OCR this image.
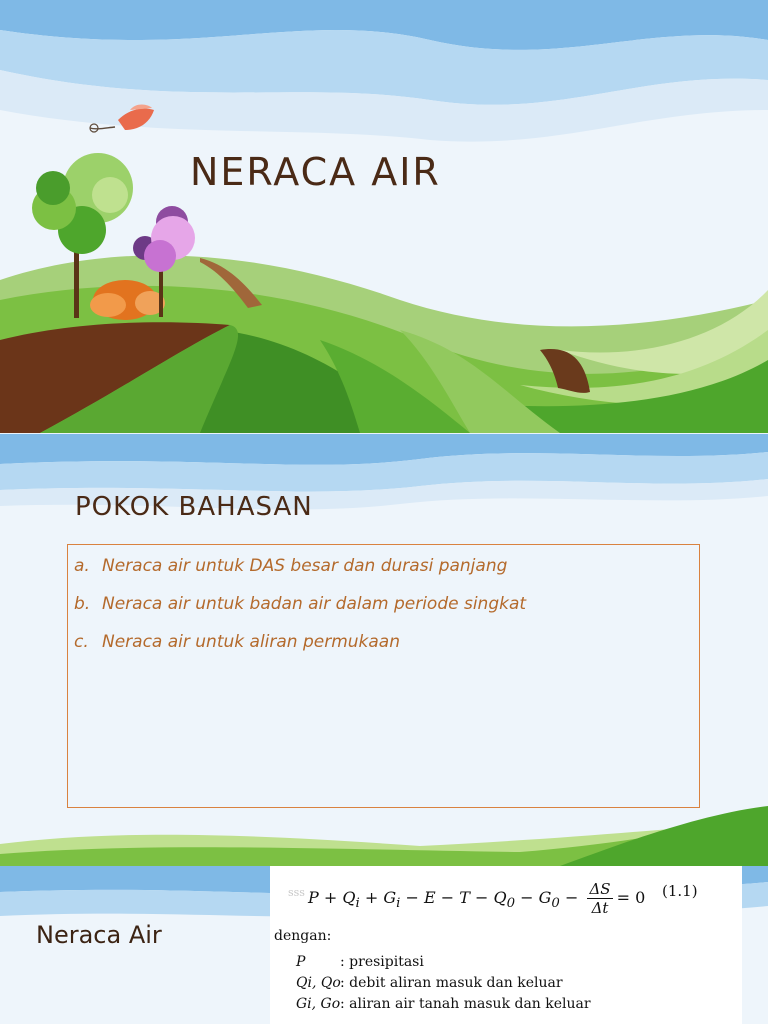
NERACA AIR
POKOK BAHASAN
a. Neraca air untuk DAS besar dan durasi panjang
b. Neraca air untuk badan air dalam periode singkat
c. Neraca air untuk aliran permukaan
Neraca Air
sss $P + Q_i + G_i - E - T - Q_0 - G_0 - \frac{\Delta S}{\Delta t} = 0$ (1.1)
dengan:
P : presipitasi
Qi, Qo: debit aliran masuk dan keluar
Gi, Go: aliran air tanah masuk dan keluar
